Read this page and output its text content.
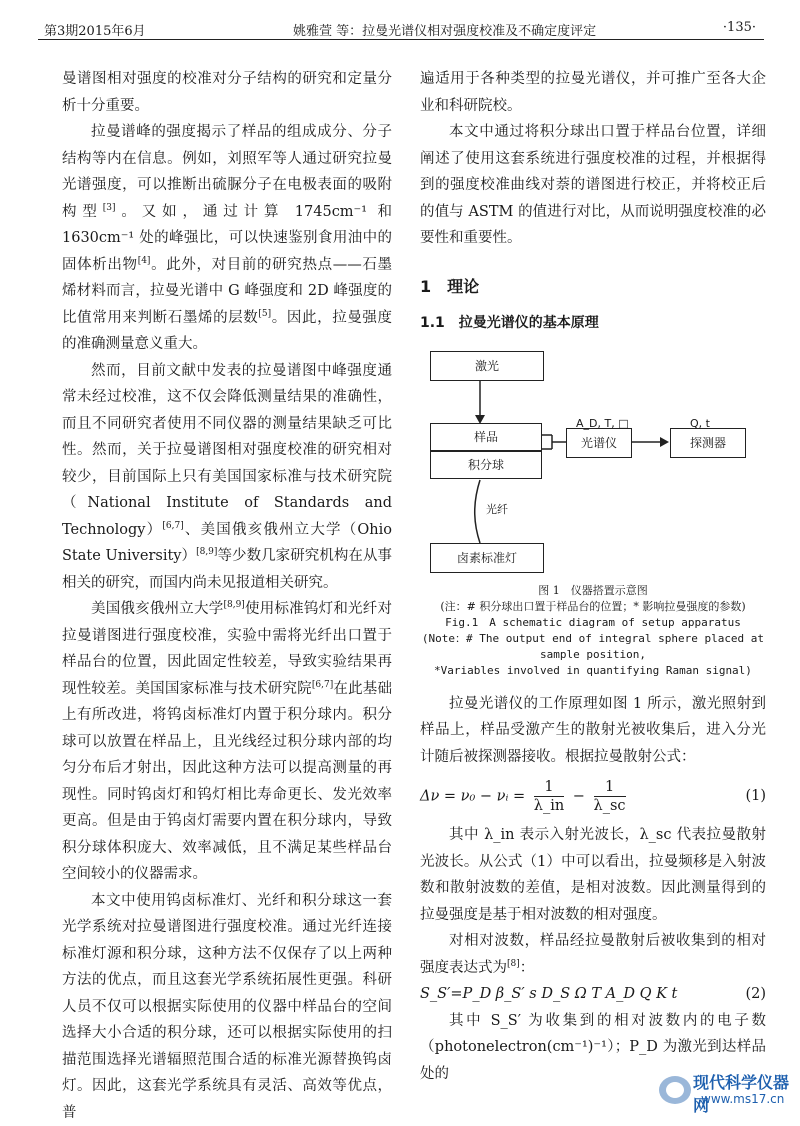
第3期2015年6月	姚雅萱 等：拉曼光谱仪相对强度校准及不确定度评定	·135·

曼谱图相对强度的校准对分子结构的研究和定量分析十分重要。

拉曼谱峰的强度揭示了样品的组成成分、分子结构等内在信息。例如，刘照军等人通过研究拉曼光谱强度，可以推断出硫脲分子在电极表面的吸附构型[3]。又如，通过计算 1745cm⁻¹ 和 1630cm⁻¹ 处的峰强比，可以快速鉴别食用油中的固体析出物[4]。此外，对目前的研究热点——石墨烯材料而言，拉曼光谱中 G 峰强度和 2D 峰强度的比值常用来判断石墨烯的层数[5]。因此，拉曼强度的准确测量意义重大。

然而，目前文献中发表的拉曼谱图中峰强度通常未经过校准，这不仅会降低测量结果的准确性，而且不同研究者使用不同仪器的测量结果缺乏可比性。然而，关于拉曼谱图相对强度校准的研究相对较少，目前国际上只有美国国家标准与技术研究院（National Institute of Standards and Technology）[6,7]、美国俄亥俄州立大学（Ohio State University）[8,9]等少数几家研究机构在从事相关的研究，而国内尚未见报道相关研究。

美国俄亥俄州立大学[8,9]使用标准钨灯和光纤对拉曼谱图进行强度校准，实验中需将光纤出口置于样品台的位置，因此固定性较差，导致实验结果再现性较差。美国国家标准与技术研究院[6,7]在此基础上有所改进，将钨卤标准灯内置于积分球内。积分球可以放置在样品上，且光线经过积分球内部的均匀分布后才射出，因此这种方法可以提高测量的再现性。同时钨卤灯和钨灯相比寿命更长、发光效率更高。但是由于钨卤灯需要内置在积分球内，导致积分球体积庞大、效率减低，且不满足某些样品台空间较小的仪器需求。

本文中使用钨卤标准灯、光纤和积分球这一套光学系统对拉曼谱图进行强度校准。通过光纤连接标准灯源和积分球，这种方法不仅保存了以上两种方法的优点，而且这套光学系统拓展性更强。科研人员不仅可以根据实际使用的仪器中样品台的空间选择大小合适的积分球，还可以根据实际使用的扫描范围选择光谱辐照范围合适的标准光源替换钨卤灯。因此，这套光学系统具有灵活、高效等优点，普

遍适用于各种类型的拉曼光谱仪，并可推广至各大企业和科研院校。

本文中通过将积分球出口置于样品台位置，详细阐述了使用这套系统进行强度校准的过程，并根据得到的强度校准曲线对萘的谱图进行校正，并将校正后的值与 ASTM 的值进行对比，从而说明强度校准的必要性和重要性。

1　理论
1.1　拉曼光谱仪的基本原理
激光
样品
积分球
光谱仪	探测器
卤素标准灯
光纤
A_D, T, □	Q, t
图 1　仪器搭置示意图
(注：# 积分球出口置于样品台的位置；* 影响拉曼强度的参数)
Fig.1　A schematic diagram of setup apparatus
(Note：# The output end of integral sphere placed at sample position,
*Variables involved in quantifying Raman signal)

拉曼光谱仪的工作原理如图 1 所示，激光照射到样品上，样品受激产生的散射光被收集后，进入分光计随后被探测器接收。根据拉曼散射公式：

Δν = ν₀ − νᵢ = $\frac{1}{\lambda\_in} - \frac{1}{\lambda\_sc}$	(1)

其中 λ_in 表示入射光波长，λ_sc 代表拉曼散射光波长。从公式（1）中可以看出，拉曼频移是入射波数和散射波数的差值，是相对波数。因此测量得到的拉曼强度是基于相对波数的相对强度。

对相对波数，样品经拉曼散射后被收集到的相对强度表达式为[8]：

S_S′=P_D β_S′ s D_S Ω T A_D Q K t	(2)

其中 S_S′ 为收集到的相对波数内的电子数（photonelectron(cm⁻¹)⁻¹）；P_D 为激光到达样品处的	现代科学仪器网
www.ms17.cn
